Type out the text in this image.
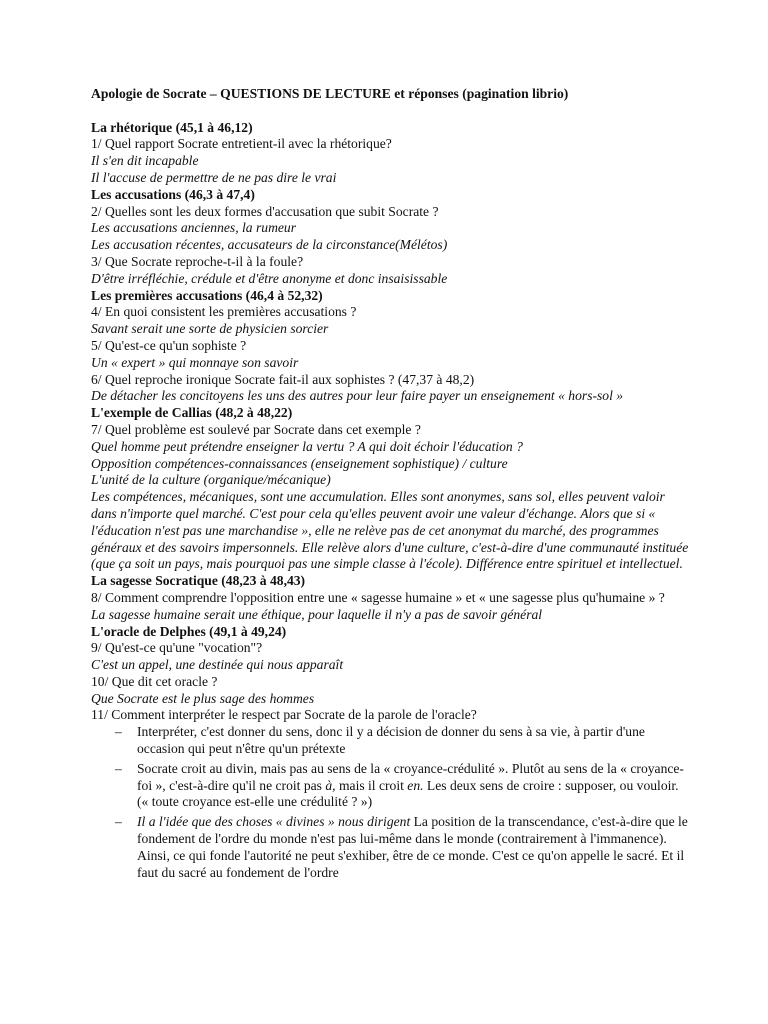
Apologie de Socrate – QUESTIONS DE LECTURE et réponses (pagination librio)

La rhétorique (45,1 à 46,12)

1/ Quel rapport Socrate entretient-il avec la rhétorique?

Il s'en dit incapable

Il l'accuse de permettre de ne pas dire le vrai

Les accusations (46,3 à 47,4)

2/ Quelles sont les deux formes d'accusation que subit Socrate ?

Les accusations anciennes, la rumeur

Les accusation récentes, accusateurs de la circonstance(Mélétos)

3/ Que Socrate reproche-t-il à la foule?

D'être irréfléchie, crédule et d'être anonyme et donc insaisissable

Les premières accusations (46,4 à 52,32)

4/ En quoi consistent les premières accusations ?

Savant serait une sorte de physicien sorcier

5/ Qu'est-ce qu'un sophiste ?

Un « expert » qui monnaye son savoir

6/ Quel reproche ironique Socrate fait-il aux sophistes ? (47,37 à 48,2)

De détacher les concitoyens les uns des autres pour leur faire payer un enseignement « hors-sol »

L'exemple de Callias (48,2 à 48,22)

7/ Quel problème est soulevé par Socrate dans cet exemple ?

Quel homme peut prétendre enseigner la vertu ? A qui doit échoir l'éducation ?

Opposition compétences-connaissances (enseignement sophistique) / culture

L'unité de la culture (organique/mécanique)

Les compétences, mécaniques, sont une accumulation. Elles sont anonymes, sans sol, elles peuvent valoir dans n'importe quel marché. C'est pour cela qu'elles peuvent avoir une valeur d'échange. Alors que si « l'éducation n'est pas une marchandise », elle ne relève pas de cet anonymat du marché, des programmes généraux et des savoirs impersonnels. Elle relève alors d'une culture, c'est-à-dire d'une communauté instituée (que ça soit un pays, mais pourquoi pas une simple classe à l'école). Différence entre spirituel et intellectuel.

La sagesse Socratique (48,23 à 48,43)

8/ Comment comprendre l'opposition entre une « sagesse humaine » et « une sagesse plus qu'humaine » ?

La sagesse humaine serait une éthique, pour laquelle il n'y a pas de savoir général

L'oracle de Delphes (49,1 à 49,24)

9/ Qu'est-ce qu'une "vocation"?

C'est un appel, une destinée qui nous apparaît

10/ Que dit cet oracle ?

Que Socrate est le plus sage des hommes

11/ Comment interpréter le respect par Socrate de la parole de l'oracle?

– Interpréter, c'est donner du sens, donc il y a décision de donner du sens à sa vie, à partir d'une occasion qui peut n'être qu'un prétexte
– Socrate croit au divin, mais pas au sens de la « croyance-crédulité ». Plutôt au sens de la « croyance-foi », c'est-à-dire qu'il ne croit pas à, mais il croit en. Les deux sens de croire : supposer, ou vouloir. (« toute croyance est-elle une crédulité ? »)
– Il a l'idée que des choses « divines » nous dirigent La position de la transcendance, c'est-à-dire que le fondement de l'ordre du monde n'est pas lui-même dans le monde (contrairement à l'immanence). Ainsi, ce qui fonde l'autorité ne peut s'exhiber, être de ce monde. C'est ce qu'on appelle le sacré. Et il faut du sacré au fondement de l'ordre
